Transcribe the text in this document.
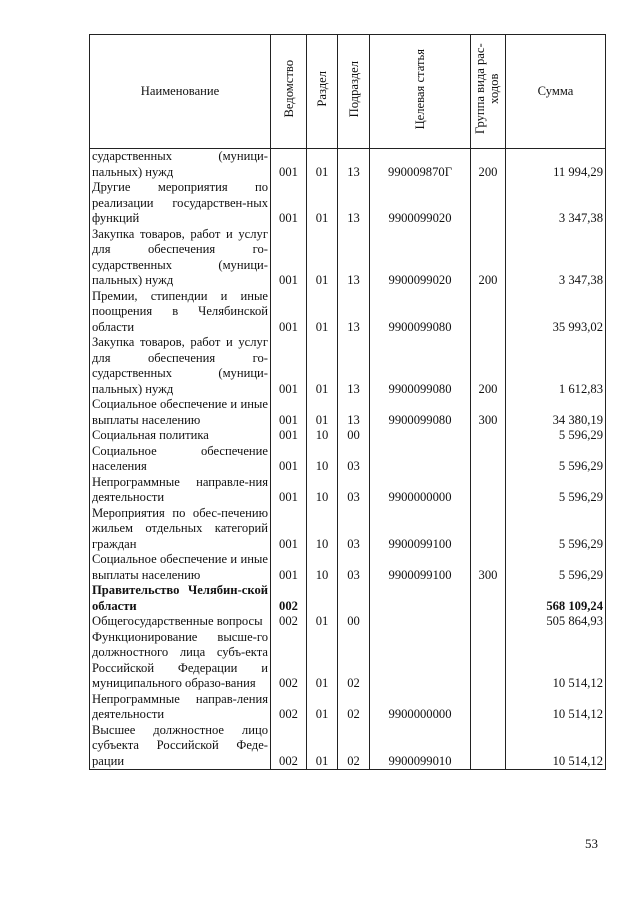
Наименование	Ведомство	Раздел	Подраздел	Целевая статья	Группа вида рас-ходов	Сумма
сударственных (муници-пальных) нужд	001	01	13	990009870Г	200	11 994,29
Другие мероприятия по реализации государствен-ных функций	001	01	13	9900099020		3 347,38
Закупка товаров, работ и услуг для обеспечения го-сударственных (муници-пальных) нужд	001	01	13	9900099020	200	3 347,38
Премии, стипендии и иные поощрения в Челябинской области	001	01	13	9900099080		35 993,02
Закупка товаров, работ и услуг для обеспечения го-сударственных (муници-пальных) нужд	001	01	13	9900099080	200	1 612,83
Социальное обеспечение и иные выплаты населению	001	01	13	9900099080	300	34 380,19
Социальная политика	001	10	00			5 596,29
Социальное обеспечение населения	001	10	03			5 596,29
Непрограммные направле-ния деятельности	001	10	03	9900000000		5 596,29
Мероприятия по обес-печению жильем отдельных категорий граждан	001	10	03	9900099100		5 596,29
Социальное обеспечение и иные выплаты населению	001	10	03	9900099100	300	5 596,29
Правительство Челябин-ской области	002					568 109,24
Общегосударственные вопросы	002	01	00			505 864,93
Функционирование высше-го должностного лица субъ-екта Российской Федерации и муниципального образо-вания	002	01	02			10 514,12
Непрограммные направ-ления деятельности	002	01	02	9900000000		10 514,12
Высшее должностное лицо субъекта Российской Феде-рации	002	01	02	9900099010		10 514,12
53
